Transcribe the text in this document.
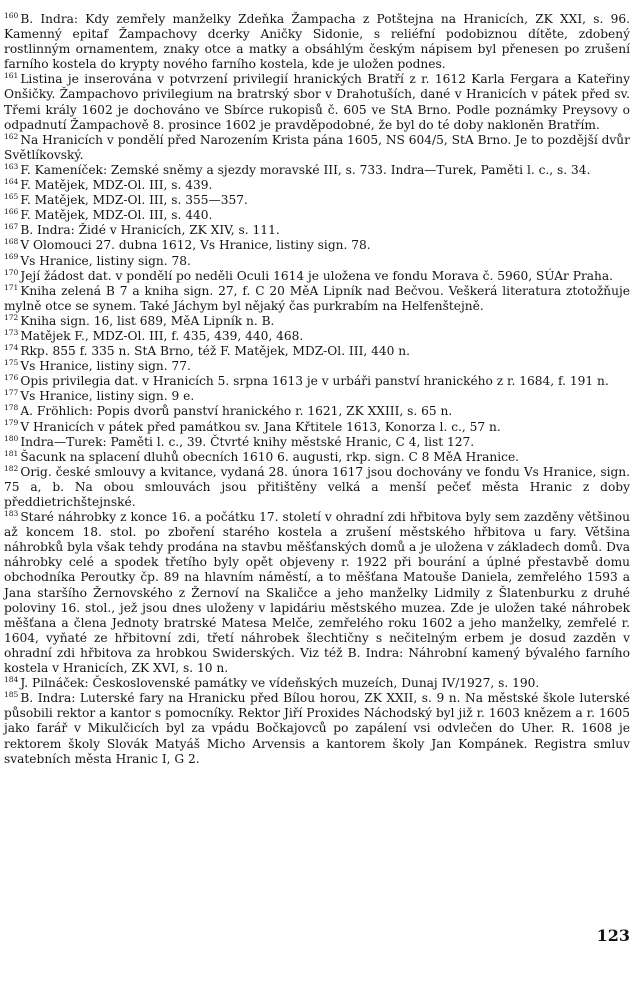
$^{160}$ B. Indra: Kdy zemřely manželky Zdeňka Žampacha z Potštejna na Hranicích, ZK XXI, s. 96. Kamenný epitaf Žampachovy dcerky Aničky Sidonie, s reliéfní podobiznou dítěte, zdobený rostlinným ornamentem, znaky otce a matky a obsáhlým českým nápisem byl přenesen po zrušení farního kostela do krypty nového farního kostela, kde je uložen podnes.

$^{161}$ Listina je inserována v potvrzení privilegií hranických Bratří z r. 1612 Karla Fergara a Kateřiny Onšičky. Žampachovo privilegium na bratrský sbor v Drahotuších, dané v Hranicích v pátek před sv. Třemi krály 1602 je dochováno ve Sbírce rukopisů č. 605 ve StA Brno. Podle poznámky Preysovy o odpadnutí Žampachově 8. prosince 1602 je pravděpodobné, že byl do té doby nakloněn Bratřím.

$^{162}$ Na Hranicích v pondělí před Narozením Krista pána 1605, NS 604/5, StA Brno. Je to pozdější dvůr Světlíkovský.

$^{163}$ F. Kameníček: Zemské sněmy a sjezdy moravské III, s. 733. Indra—Turek, Paměti l. c., s. 34.

$^{164}$ F. Matějek, MDZ-Ol. III, s. 439.

$^{165}$ F. Matějek, MDZ-Ol. III, s. 355—357.

$^{166}$ F. Matějek, MDZ-Ol. III, s. 440.

$^{167}$ B. Indra: Židé v Hranicích, ZK XIV, s. 111.

$^{168}$ V Olomouci 27. dubna 1612, Vs Hranice, listiny sign. 78.

$^{169}$ Vs Hranice, listiny sign. 78.

$^{170}$ Její žádost dat. v pondělí po neděli Oculi 1614 je uložena ve fondu Morava č. 5960, SÚAr Praha.

$^{171}$ Kniha zelená B 7 a kniha sign. 27, f. C 20 MěA Lipník nad Bečvou. Veškerá literatura ztotožňuje mylně otce se synem. Také Jáchym byl nějaký čas purkrabím na Helfenštejně.

$^{172}$ Kniha sign. 16, list 689, MěA Lipník n. B.

$^{173}$ Matějek F., MDZ-Ol. III, f. 435, 439, 440, 468.

$^{174}$ Rkp. 855 f. 335 n. StA Brno, též F. Matějek, MDZ-Ol. III, 440 n.

$^{175}$ Vs Hranice, listiny sign. 77.

$^{176}$ Opis privilegia dat. v Hranicích 5. srpna 1613 je v urbáři panství hranického z r. 1684, f. 191 n.

$^{177}$ Vs Hranice, listiny sign. 9 e.

$^{178}$ A. Fröhlich: Popis dvorů panství hranického r. 1621, ZK XXIII, s. 65 n.

$^{179}$ V Hranicích v pátek před památkou sv. Jana Křtitele 1613, Konorza l. c., 57 n.

$^{180}$ Indra—Turek: Paměti l. c., 39. Čtvrté knihy městské Hranic, C 4, list 127.

$^{181}$ Šacunk na splacení dluhů obecních 1610 6. augusti, rkp. sign. C 8 MěA Hranice.

$^{182}$ Orig. české smlouvy a kvitance, vydaná 28. února 1617 jsou dochovány ve fondu Vs Hranice, sign. 75 a, b. Na obou smlouvách jsou přitištěny velká a menší pečeť města Hranic z doby předdietrichštejnské.

$^{183}$ Staré náhrobky z konce 16. a počátku 17. století v ohradní zdi hřbitova byly sem zazděny většinou až koncem 18. stol. po zboření starého kostela a zrušení městského hřbitova u fary. Většina náhrobků byla však tehdy prodána na stavbu měšťanských domů a je uložena v základech domů. Dva náhrobky celé a spodek třetího byly opět objeveny r. 1922 při bourání a úplné přestavbě domu obchodníka Peroutky čp. 89 na hlavním náměstí, a to měšťana Matouše Daniela, zemřelého 1593 a Jana staršího Žernovského z Žernoví na Skaličce a jeho manželky Lidmily z Šlatenburku z druhé poloviny 16. stol., jež jsou dnes uloženy v lapidáriu městského muzea. Zde je uložen také náhrobek měšťana a člena Jednoty bratrské Matesa Melče, zemřelého roku 1602 a jeho manželky, zemřelé r. 1604, vyňaté ze hřbitovní zdi, třetí náhrobek šlechtičny s nečitelným erbem je dosud zazděn v ohradní zdi hřbitova za hrobkou Swiderských. Viz též B. Indra: Náhrobní kamený bývalého farního kostela v Hranicích, ZK XVI, s. 10 n.

$^{184}$ J. Pilnáček: Československé památky ve vídeňských muzeích, Dunaj IV/1927, s. 190.

$^{185}$ B. Indra: Luterské fary na Hranicku před Bílou horou, ZK XXII, s. 9 n. Na městské škole luterské působili rektor a kantor s pomocníky. Rektor Jiří Proxides Náchodský byl již r. 1603 knězem a r. 1605 jako farář v Mikulčicích byl za vpádu Bočkajovců po zapálení vsi odvlečen do Uher. R. 1608 je rektorem školy Slovák Matyáš Micho Arvensis a kantorem školy Jan Kompánek. Registra smluv svatebních města Hranic I, G 2.

123
